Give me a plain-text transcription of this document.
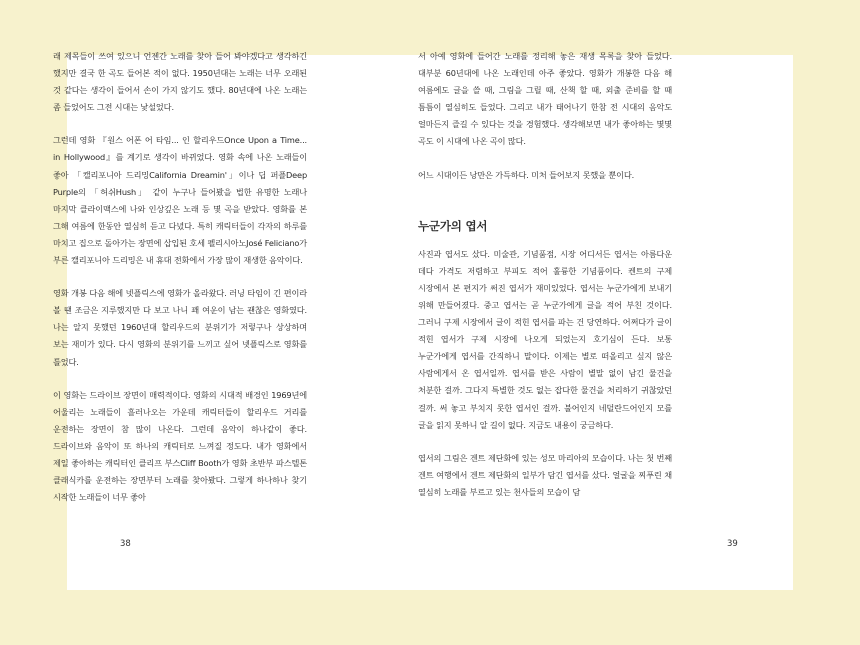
래 제목들이 쓰여 있으니 언젠간 노래를 찾아 들어 봐야겠다고 생각하긴 했지만 결국 한 곡도 들어본 적이 없다. 1950년대는 노래는 너무 오래된 것 같다는 생각이 들어서 손이 가지 않기도 했다. 80년대에 나온 노래는 좀 들었어도 그전 시대는 낯설었다.

그런데 영화 『원스 어폰 어 타임... 인 할리우드Once Upon a Time... in Hollywood』를 계기로 생각이 바뀌었다. 영화 속에 나온 노래들이 좋아 「캘리포니아 드리밍California Dreamin'」이나 딥 퍼플Deep Purple의 「허쉬Hush」 같이 누구나 들어봤을 법한 유명한 노래나 마지막 클라이맥스에 나와 인상깊은 노래 등 몇 곡을 받았다. 영화를 본 그해 여름에 한동안 열심히 듣고 다녔다. 특히 캐릭터들이 각자의 하루를 마치고 집으로 돌아가는 장면에 삽입된 호세 펠리시아노José Feliciano가 부른 캘리포니아 드리밍은 내 휴대 전화에서 가장 많이 재생한 음악이다.

영화 개봉 다음 해에 넷플릭스에 영화가 올라왔다. 러닝 타임이 긴 편이라 볼 땐 조금은 지루했지만 다 보고 나니 꽤 여운이 남는 괜찮은 영화였다. 나는 알지 못했던 1960년대 할리우드의 분위기가 저렇구나 상상하며 보는 재미가 있다. 다시 영화의 분위기를 느끼고 싶어 넷플릭스로 영화를 틀었다.

이 영화는 드라이브 장면이 매력적이다. 영화의 시대적 배경인 1969년에 어울리는 노래들이 흘러나오는 가운데 캐릭터들이 할리우드 거리를 운전하는 장면이 참 많이 나온다. 그런데 음악이 하나같이 좋다. 드라이브와 음악이 또 하나의 캐릭터로 느껴질 정도다. 내가 영화에서 제일 좋아하는 캐릭터인 클리프 부스Cliff Booth가 영화 초반부 파스텔톤 클래식카를 운전하는 장면부터 노래를 찾아봤다. 그렇게 하나하나 찾기 시작한 노래들이 너무 좋아

38

서 아예 영화에 들어간 노래를 정리해 놓은 재생 목록을 찾아 들었다. 대부분 60년대에 나온 노래인데 아주 좋았다. 영화가 개봉한 다음 해 여름에도 글을 쓸 때, 그림을 그릴 때, 산책 할 때, 외출 준비를 할 때 틈틈이 열심히도 들었다. 그리고 내가 태어나기 한참 전 시대의 음악도 얼마든지 즐길 수 있다는 것을 경험했다. 생각해보면 내가 좋아하는 몇몇 곡도 이 시대에 나온 곡이 많다.

어느 시대이든 낭만은 가득하다. 미처 들어보지 못했을 뿐이다.

누군가의 엽서

사진과 엽서도 샀다. 미술관, 기념품점, 시장 어디서든 엽서는 아름다운 데다 가격도 저렴하고 부피도 적어 훌륭한 기념품이다. 켄트의 구제 시장에서 본 편지가 써진 엽서가 재미있었다. 엽서는 누군가에게 보내기 위해 만들어졌다. 중고 엽서는 곧 누군가에게 글을 적어 부친 것이다. 그러니 구제 시장에서 글이 적힌 엽서를 파는 건 당연하다. 어쩌다가 글이 적힌 엽서가 구제 시장에 나오게 되었는지 호기심이 든다. 보통 누군가에게 엽서를 간직하니 말이다. 이제는 별로 떠올리고 싶지 않은 사람에게서 온 엽서일까. 엽서를 받은 사람이 별말 없이 남긴 물건을 처분한 걸까. 그다지 특별한 것도 없는 잡다한 물건을 처리하기 귀찮았던 걸까. 써 놓고 부치지 못한 엽서인 걸까. 불어인지 네덜란드어인지 모를 글을 읽지 못하니 알 길이 없다. 지금도 내용이 궁금하다.

엽서의 그림은 겐트 제단화에 있는 성모 마리아의 모습이다. 나는 첫 번째 겐트 여행에서 겐트 제단화의 일부가 담긴 엽서를 샀다. 얼굴을 찌푸린 채 열심히 노래를 부르고 있는 천사들의 모습이 담

39
